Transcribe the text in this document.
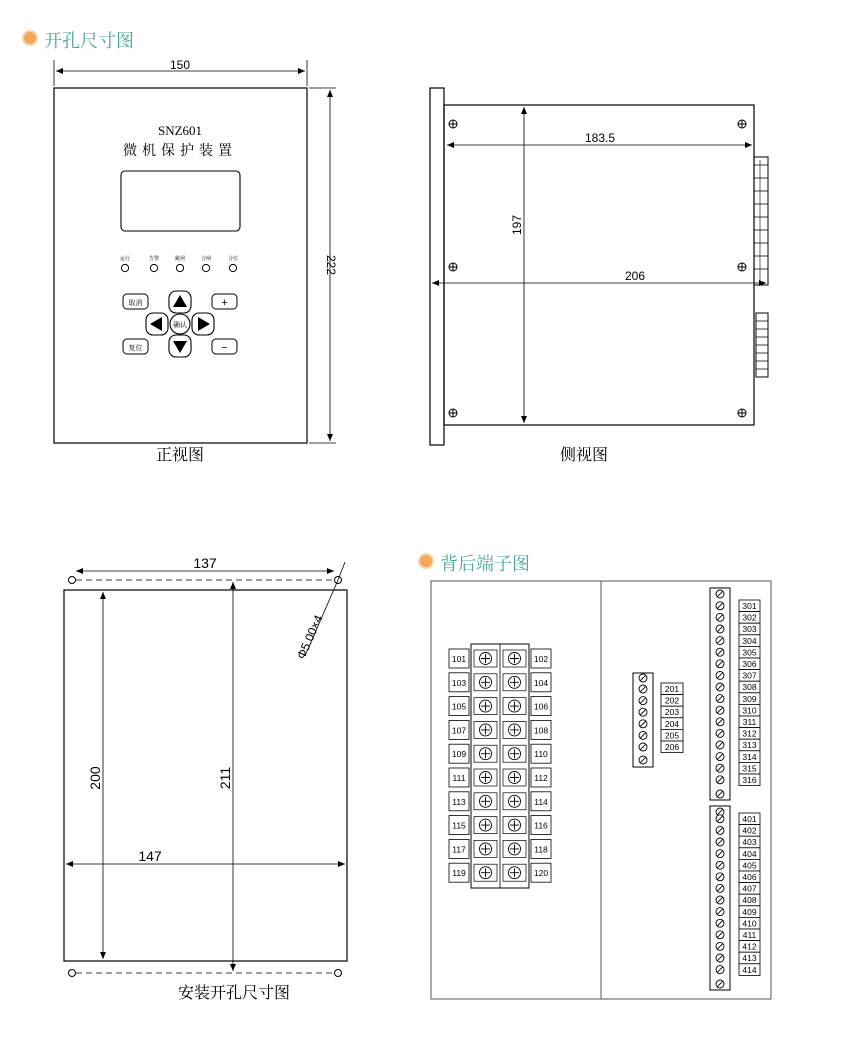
开孔尺寸图
背后端子图
150
222
SNZ601
微机保护装置
运行	告警	跳闸	合闸	合位
取消
复位
+
−
确认
正视图
183.5
206
197
侧视图
137
147
200	211
Φ5.00×4
安装开孔尺寸图
101	102
103	104
105	106
107	108
109	110
111	112
113	114
115	116
117	118
119	120
201
202
203
204
205
206
301
302
303
304
305
306
307
308
309
310
311
312
313
314
315
316
401
402
403
404
405
406
407
408
409
410
411
412
413
414
